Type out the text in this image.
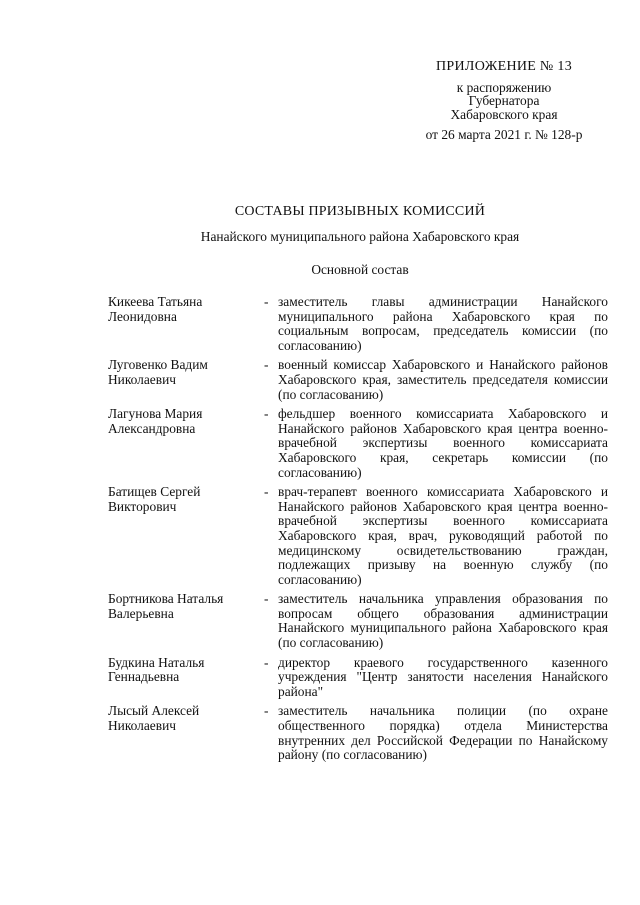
ПРИЛОЖЕНИЕ № 13
к распоряжению
Губернатора
Хабаровского края
от 26 марта 2021 г. № 128-р
СОСТАВЫ ПРИЗЫВНЫХ КОМИССИЙ
Нанайского муниципального района Хабаровского края
Основной состав
Кикеева Татьяна
Леонидовна
- заместитель главы администрации Нанайского муниципального района Хабаровского края по социальным вопросам, председатель комиссии (по согласованию)
Луговенко Вадим
Николаевич
- военный комиссар Хабаровского и Нанайского районов Хабаровского края, заместитель председателя комиссии (по согласованию)
Лагунова Мария
Александровна
- фельдшер военного комиссариата Хабаровского и Нанайского районов Хабаровского края центра военно-врачебной экспертизы военного комиссариата Хабаровского края, секретарь комиссии (по согласованию)
Батищев Сергей
Викторович
- врач-терапевт военного комиссариата Хабаровского и Нанайского районов Хабаровского края центра военно-врачебной экспертизы военного комиссариата Хабаровского края, врач, руководящий работой по медицинскому освидетельствованию граждан, подлежащих призыву на военную службу (по согласованию)
Бортникова Наталья
Валерьевна
- заместитель начальника управления образования по вопросам общего образования администрации Нанайского муниципального района Хабаровского края (по согласованию)
Будкина Наталья
Геннадьевна
- директор краевого государственного казенного учреждения "Центр занятости населения Нанайского района"
Лысый Алексей
Николаевич
- заместитель начальника полиции (по охране общественного порядка) отдела Министерства внутренних дел Российской Федерации по Нанайскому району (по согласованию)
